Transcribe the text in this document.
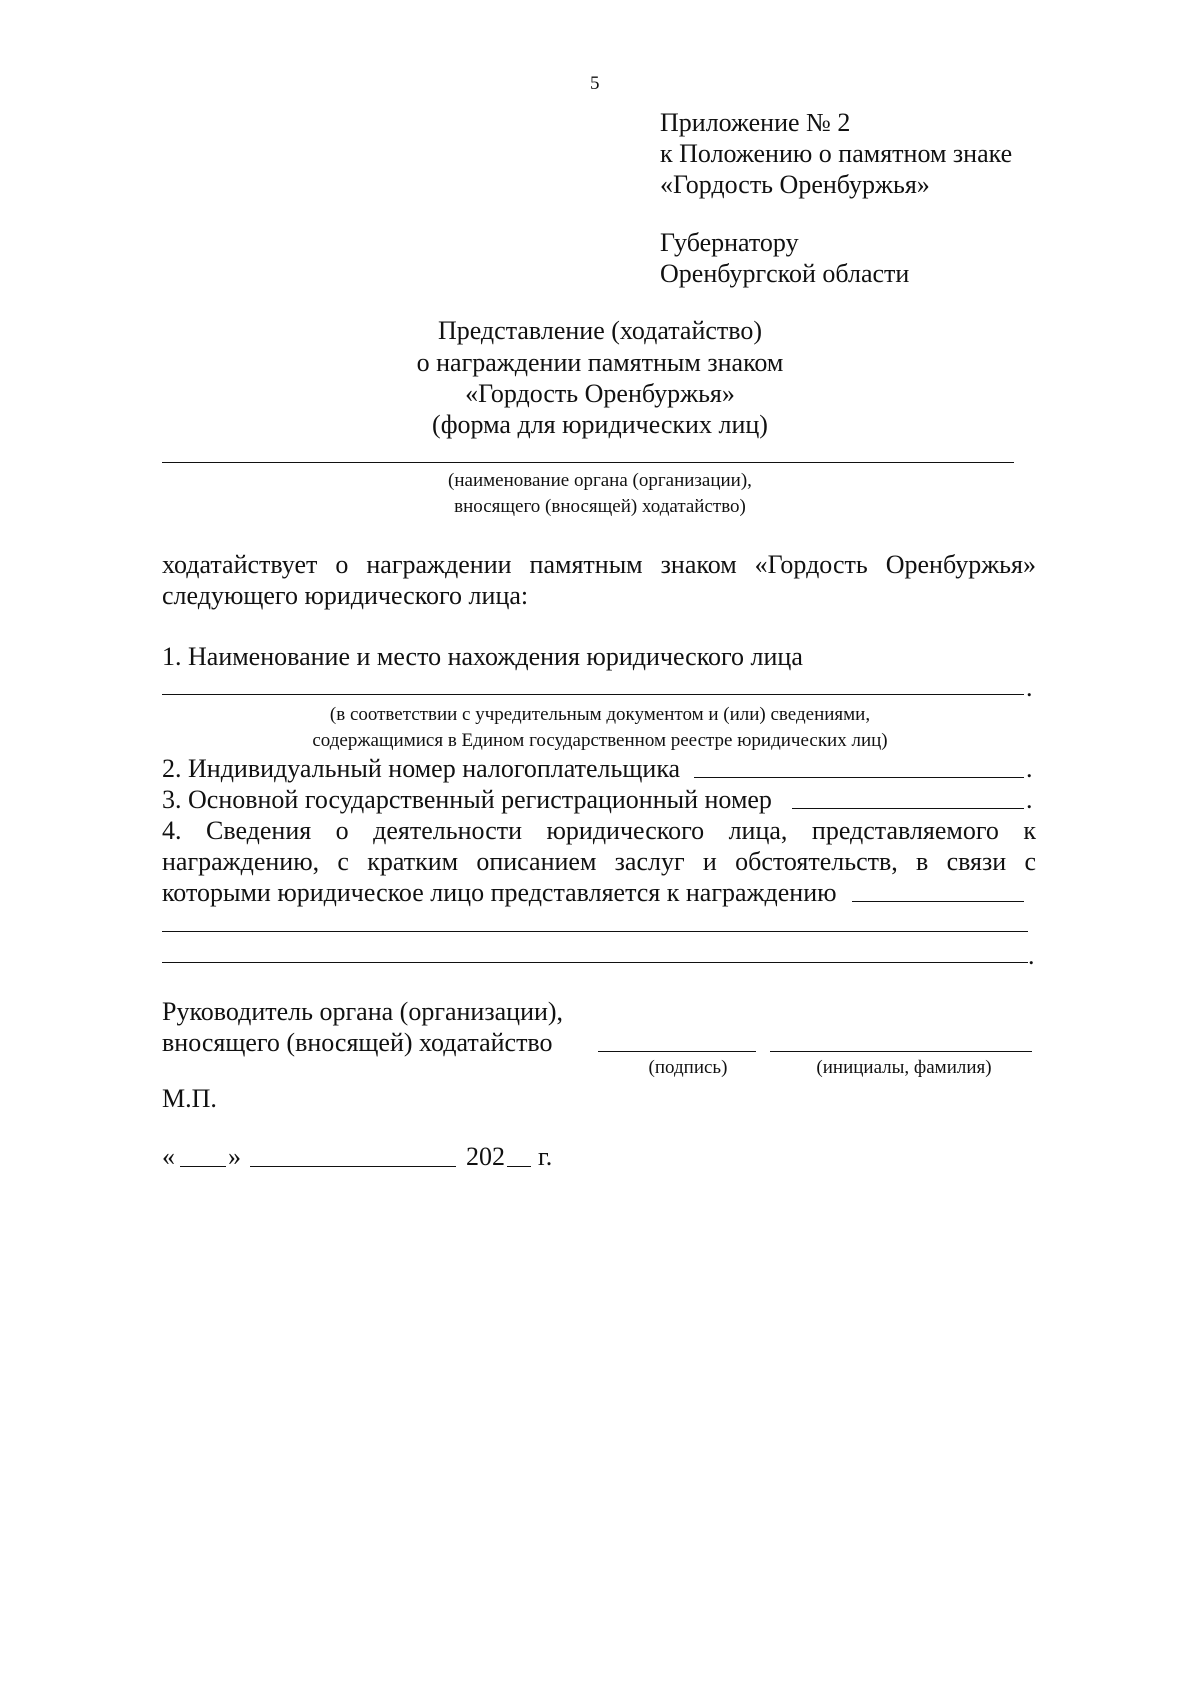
5
Приложение № 2
к Положению о памятном знаке
«Гордость Оренбуржья»
Губернатору
Оренбургской области
Представление (ходатайство)
о награждении памятным знаком
«Гордость Оренбуржья»
(форма для юридических лиц)
(наименование органа (организации),
вносящего (вносящей) ходатайство)
ходатайствует о награждении памятным знаком «Гордость Оренбуржья»
следующего юридического лица:
1. Наименование и место нахождения юридического лица
.
(в соответствии с учредительным документом и (или) сведениями,
содержащимися в Едином государственном реестре юридических лиц)
2. Индивидуальный номер налогоплательщика	.
3. Основной государственный регистрационный номер	.
4. Сведения о деятельности юридического лица, представляемого к
награждению, с кратким описанием заслуг и обстоятельств, в связи с
которыми юридическое лицо представляется к награждению
.
Руководитель органа (организации),
вносящего (вносящей) ходатайство
(подпись)	(инициалы, фамилия)
М.П.
« »	202 г.
